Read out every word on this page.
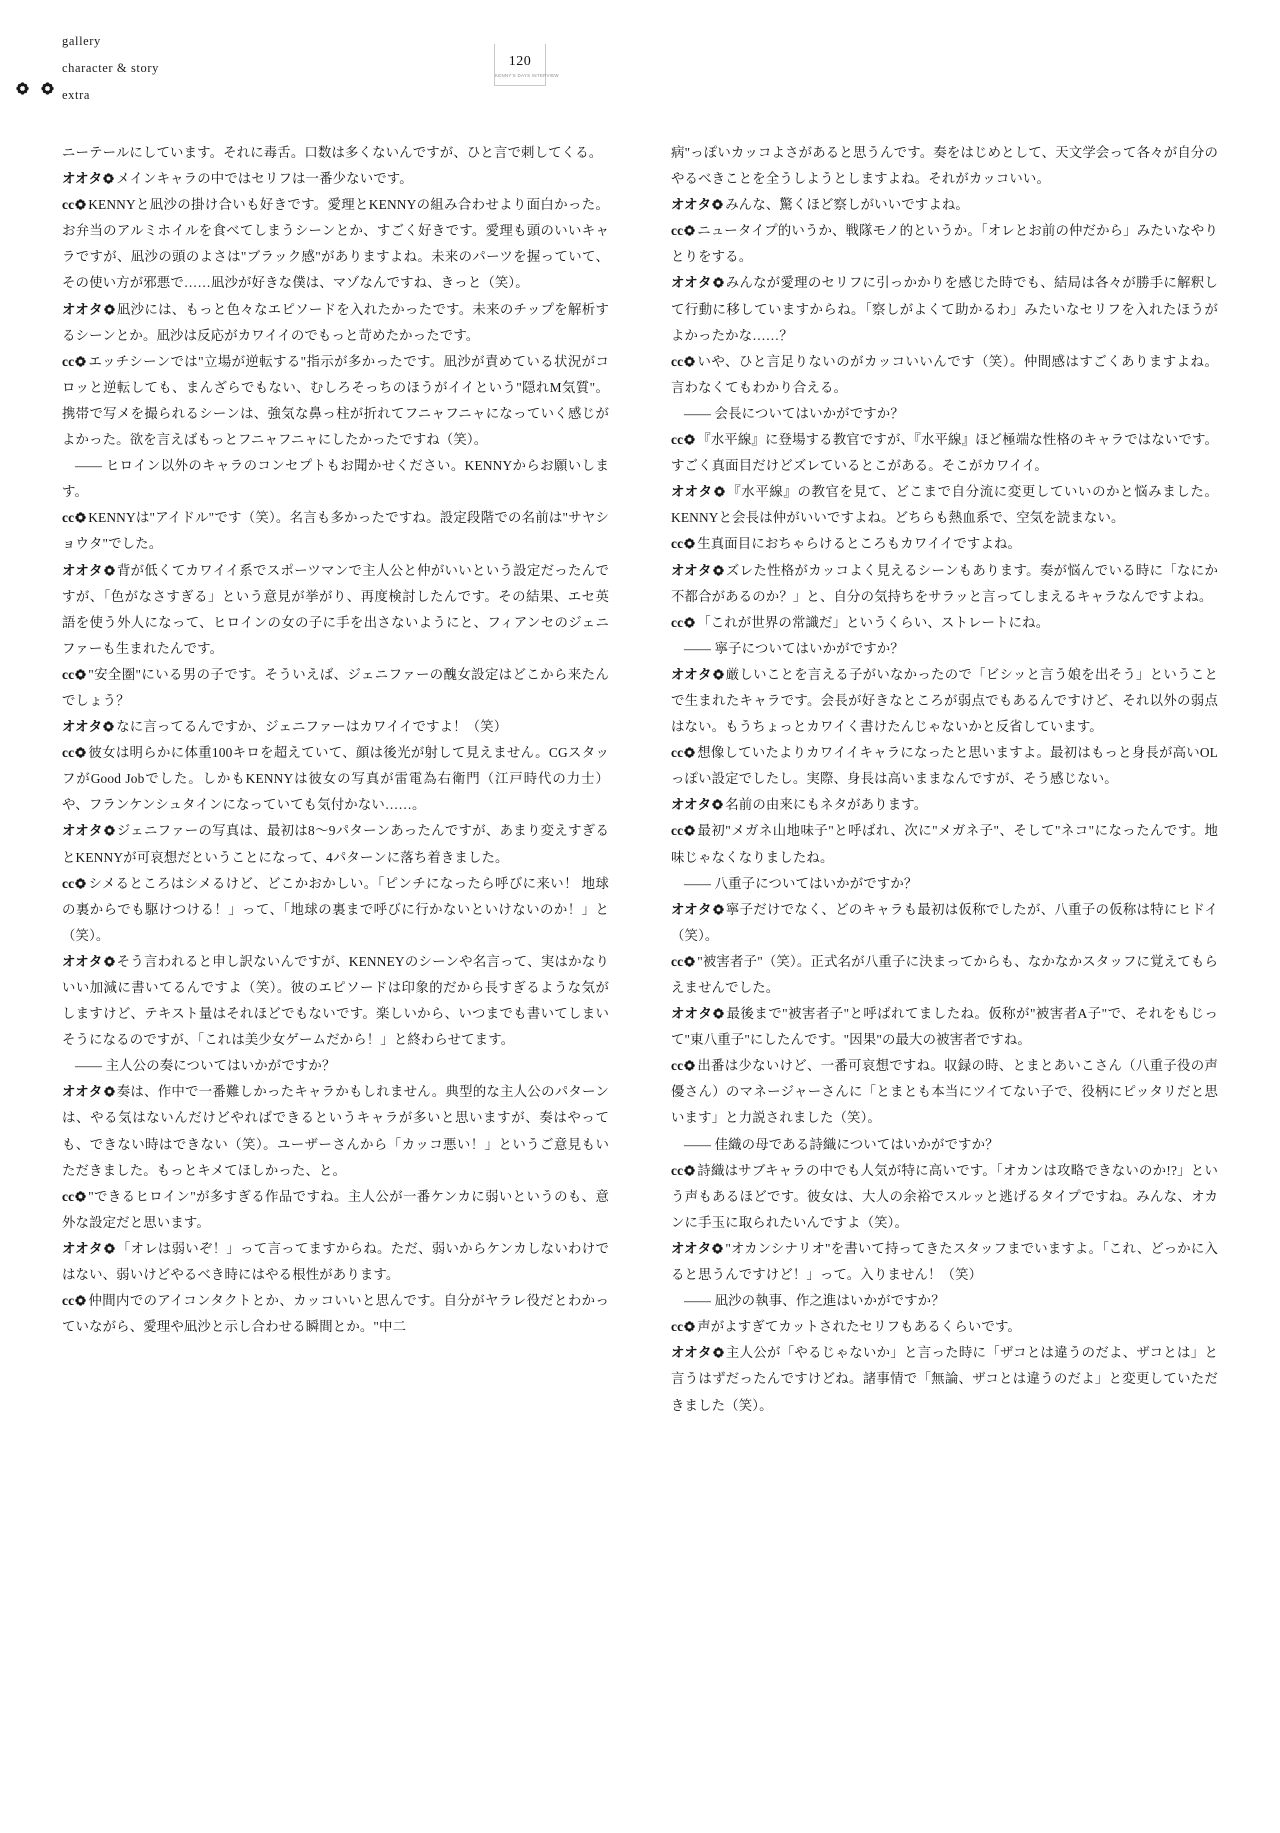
gallery
character & story
extra
120
KENNY'S DAYS INTERVIEW

ニーテールにしています。それに毒舌。口数は多くないんですが、ひと言で刺してくる。

オオタ メインキャラの中ではセリフは一番少ないです。

cc KENNYと凪沙の掛け合いも好きです。愛理とKENNYの組み合わせより面白かった。お弁当のアルミホイルを食べてしまうシーンとか、すごく好きです。愛理も頭のいいキャラですが、凪沙の頭のよさは"ブラック感"がありますよね。未来のパーツを握っていて、その使い方が邪悪で……凪沙が好きな僕は、マゾなんですね、きっと（笑）。

オオタ 凪沙には、もっと色々なエピソードを入れたかったです。未来のチップを解析するシーンとか。凪沙は反応がカワイイのでもっと苛めたかったです。

cc エッチシーンでは"立場が逆転する"指示が多かったです。凪沙が責めている状況がコロッと逆転しても、まんざらでもない、むしろそっちのほうがイイという"隠れM気質"。携帯で写メを撮られるシーンは、強気な鼻っ柱が折れてフニャフニャになっていく感じがよかった。欲を言えばもっとフニャフニャにしたかったですね（笑）。

—— ヒロイン以外のキャラのコンセプトもお聞かせください。KENNYからお願いします。

cc KENNYは"アイドル"です（笑）。名言も多かったですね。設定段階での名前は"サヤショウタ"でした。

オオタ 背が低くてカワイイ系でスポーツマンで主人公と仲がいいという設定だったんですが、「色がなさすぎる」という意見が挙がり、再度検討したんです。その結果、エセ英語を使う外人になって、ヒロインの女の子に手を出さないようにと、フィアンセのジェニファーも生まれたんです。

cc "安全圏"にいる男の子です。そういえば、ジェニファーの醜女設定はどこから来たんでしょう？

オオタ なに言ってるんですか、ジェニファーはカワイイですよ！（笑）

cc 彼女は明らかに体重100キロを超えていて、顔は後光が射して見えません。CGスタッフがGood Jobでした。しかもKENNYは彼女の写真が雷電為右衛門（江戸時代の力士）や、フランケンシュタインになっていても気付かない……。

オオタ ジェニファーの写真は、最初は8〜9パターンあったんですが、あまり変えすぎるとKENNYが可哀想だということになって、4パターンに落ち着きました。

cc シメるところはシメるけど、どこかおかしい。「ピンチになったら呼びに来い！ 地球の裏からでも駆けつける！」って、「地球の裏まで呼びに行かないといけないのか！」と（笑）。

オオタ そう言われると申し訳ないんですが、KENNEYのシーンや名言って、実はかなりいい加減に書いてるんですよ（笑）。彼のエピソードは印象的だから長すぎるような気がしますけど、テキスト量はそれほどでもないです。楽しいから、いつまでも書いてしまいそうになるのですが、「これは美少女ゲームだから！」と終わらせてます。

—— 主人公の奏についてはいかがですか？

オオタ 奏は、作中で一番難しかったキャラかもしれません。典型的な主人公のパターンは、やる気はないんだけどやればできるというキャラが多いと思いますが、奏はやっても、できない時はできない（笑）。ユーザーさんから「カッコ悪い！」というご意見もいただきました。もっとキメてほしかった、と。

cc "できるヒロイン"が多すぎる作品ですね。主人公が一番ケンカに弱いというのも、意外な設定だと思います。

オオタ 「オレは弱いぞ！」って言ってますからね。ただ、弱いからケンカしないわけではない、弱いけどやるべき時にはやる根性があります。

cc 仲間内でのアイコンタクトとか、カッコいいと思んです。自分がヤラレ役だとわかっていながら、愛理や凪沙と示し合わせる瞬間とか。"中二

病"っぽいカッコよさがあると思うんです。奏をはじめとして、天文学会って各々が自分のやるべきことを全うしようとしますよね。それがカッコいい。

オオタ みんな、驚くほど察しがいいですよね。

cc ニュータイプ的いうか、戦隊モノ的というか。「オレとお前の仲だから」みたいなやりとりをする。

オオタ みんなが愛理のセリフに引っかかりを感じた時でも、結局は各々が勝手に解釈して行動に移していますからね。「察しがよくて助かるわ」みたいなセリフを入れたほうがよかったかな……？

cc いや、ひと言足りないのがカッコいいんです（笑）。仲間感はすごくありますよね。言わなくてもわかり合える。

—— 会長についてはいかがですか？

cc 『水平線』に登場する教官ですが、『水平線』ほど極端な性格のキャラではないです。すごく真面目だけどズレているとこがある。そこがカワイイ。

オオタ 『水平線』の教官を見て、どこまで自分流に変更していいのかと悩みました。KENNYと会長は仲がいいですよね。どちらも熱血系で、空気を読まない。

cc 生真面目におちゃらけるところもカワイイですよね。

オオタ ズレた性格がカッコよく見えるシーンもあります。奏が悩んでいる時に「なにか不都合があるのか？」と、自分の気持ちをサラッと言ってしまえるキャラなんですよね。

cc 「これが世界の常識だ」というくらい、ストレートにね。

—— 寧子についてはいかがですか？

オオタ 厳しいことを言える子がいなかったので「ビシッと言う娘を出そう」ということで生まれたキャラです。会長が好きなところが弱点でもあるんですけど、それ以外の弱点はない。もうちょっとカワイく書けたんじゃないかと反省しています。

cc 想像していたよりカワイイキャラになったと思いますよ。最初はもっと身長が高いOLっぽい設定でしたし。実際、身長は高いままなんですが、そう感じない。

オオタ 名前の由来にもネタがあります。

cc 最初"メガネ山地味子"と呼ばれ、次に"メガネ子"、そして"ネコ"になったんです。地味じゃなくなりましたね。

—— 八重子についてはいかがですか？

オオタ 寧子だけでなく、どのキャラも最初は仮称でしたが、八重子の仮称は特にヒドイ（笑）。

cc "被害者子"（笑）。正式名が八重子に決まってからも、なかなかスタッフに覚えてもらえませんでした。

オオタ 最後まで"被害者子"と呼ばれてましたね。仮称が"被害者A子"で、それをもじって"東八重子"にしたんです。"因果"の最大の被害者ですね。

cc 出番は少ないけど、一番可哀想ですね。収録の時、とまとあいこさん（八重子役の声優さん）のマネージャーさんに「とまとも本当にツイてない子で、役柄にピッタリだと思います」と力説されました（笑）。

—— 佳織の母である詩織についてはいかがですか？

cc 詩織はサブキャラの中でも人気が特に高いです。「オカンは攻略できないのか!?」という声もあるほどです。彼女は、大人の余裕でスルッと逃げるタイプですね。みんな、オカンに手玉に取られたいんですよ（笑）。

オオタ "オカンシナリオ"を書いて持ってきたスタッフまでいますよ。「これ、どっかに入ると思うんですけど！」って。入りません！（笑）

—— 凪沙の執事、作之進はいかがですか？

cc 声がよすぎてカットされたセリフもあるくらいです。

オオタ 主人公が「やるじゃないか」と言った時に「ザコとは違うのだよ、ザコとは」と言うはずだったんですけどね。諸事情で「無論、ザコとは違うのだよ」と変更していただきました（笑）。
